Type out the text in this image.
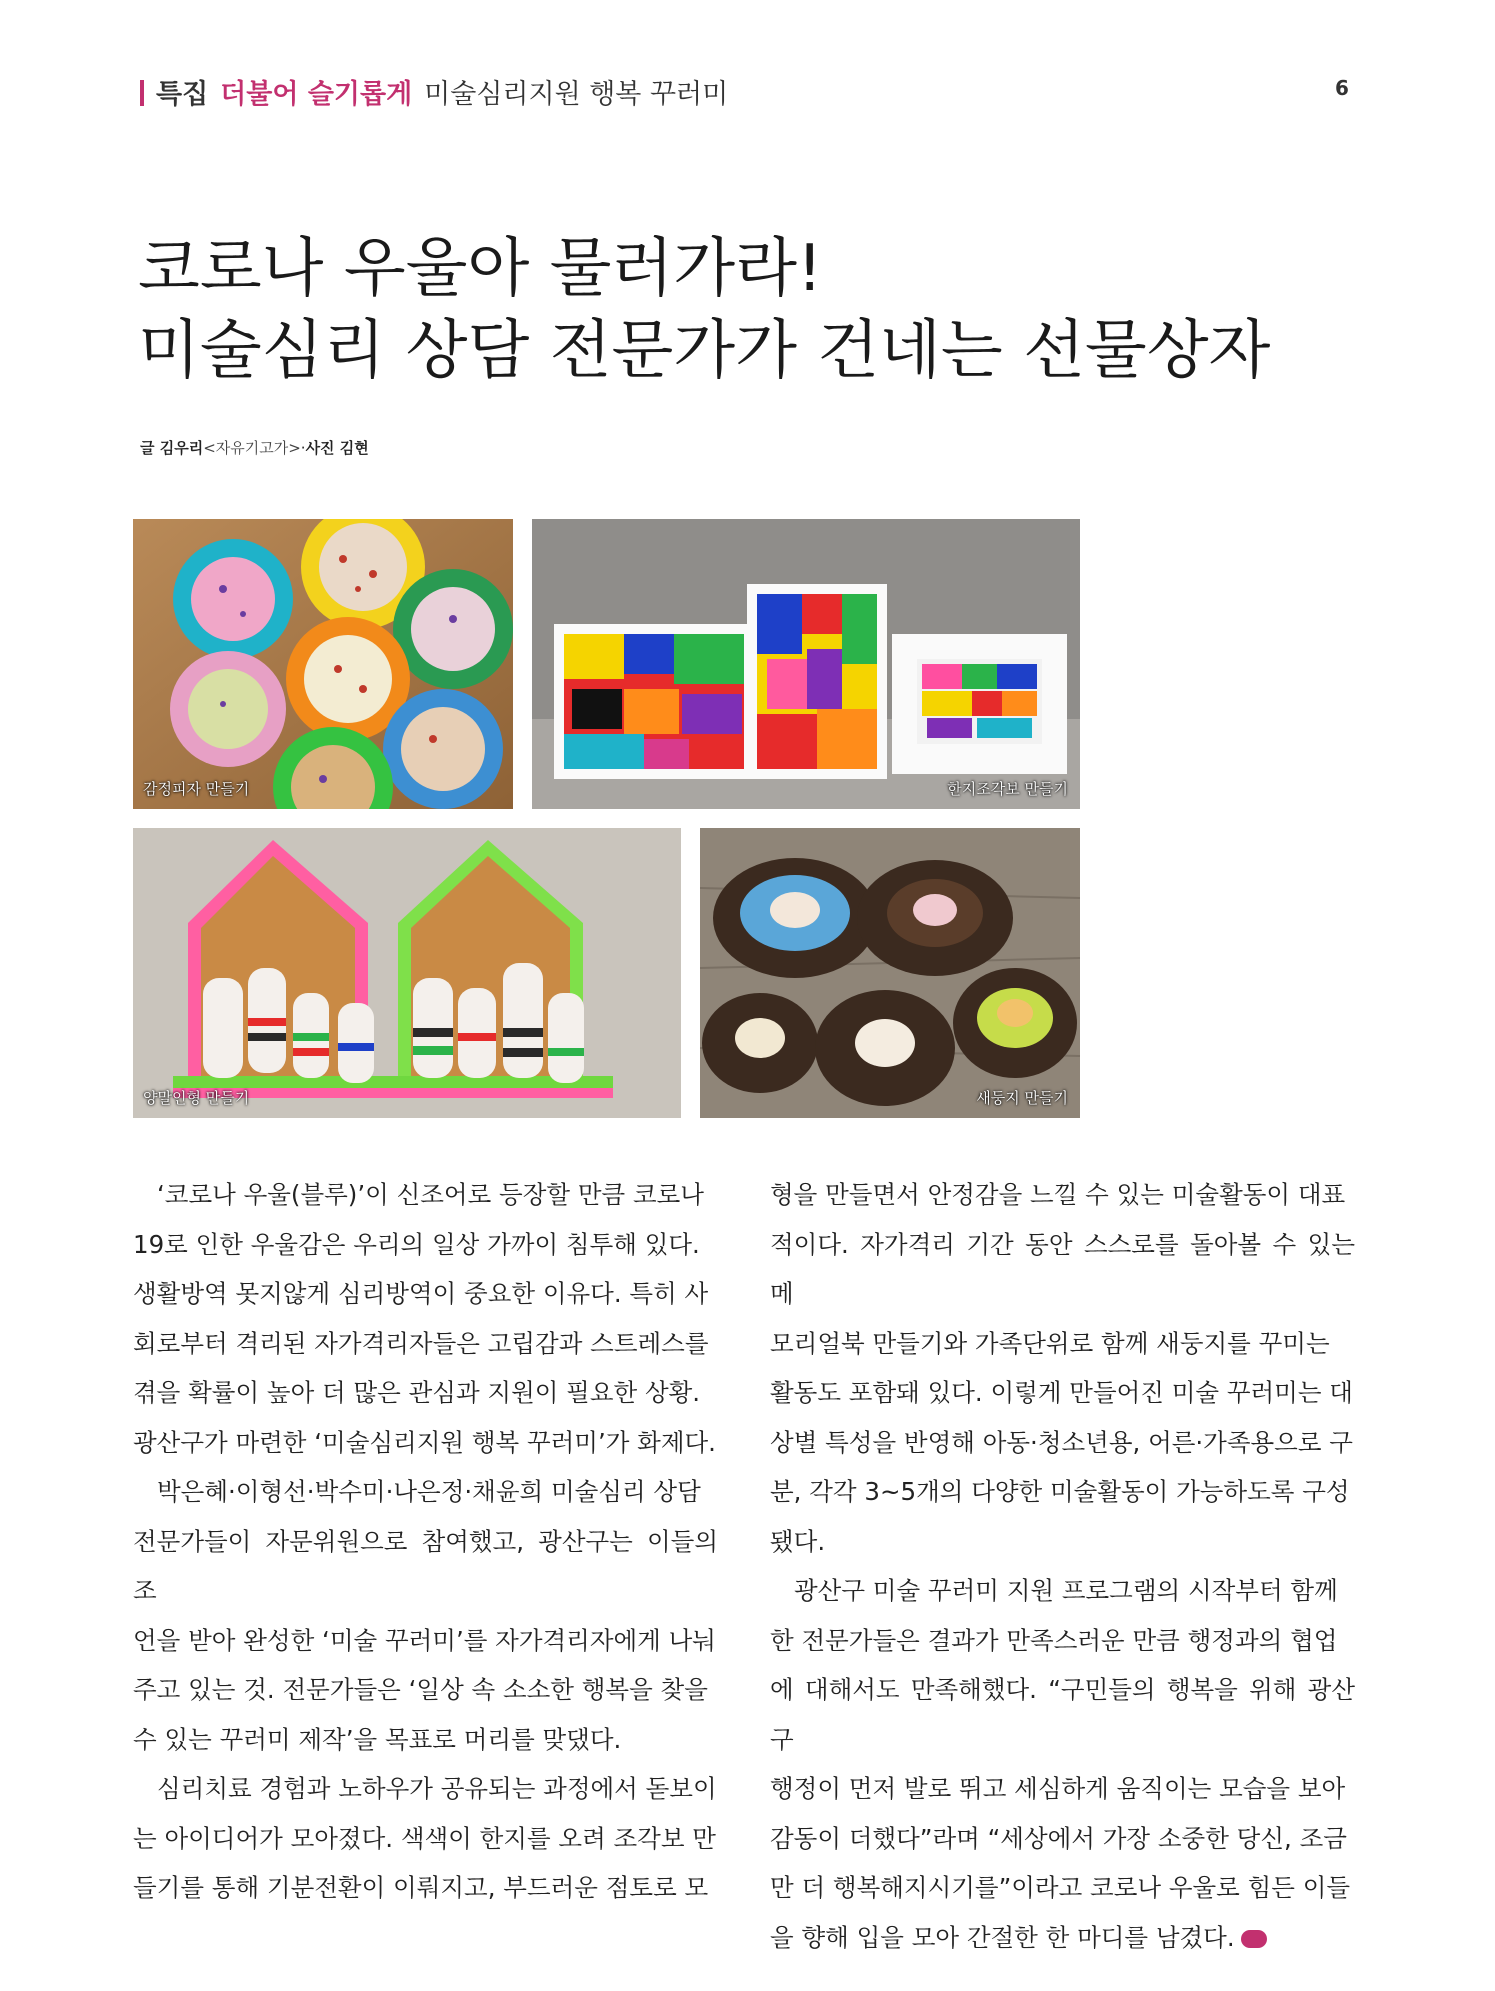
특집 더불어 슬기롭게 미술심리지원 행복 꾸러미	6
코로나 우울아 물러가라!
미술심리 상담 전문가가 건네는 선물상자
글 김우리<자유기고가>·사진 김현
감정피자 만들기	한지조각보 만들기
양말인형 만들기	새둥지 만들기

‘코로나 우울(블루)’이 신조어로 등장할 만큼 코로나

19로 인한 우울감은 우리의 일상 가까이 침투해 있다.

생활방역 못지않게 심리방역이 중요한 이유다. 특히 사

회로부터 격리된 자가격리자들은 고립감과 스트레스를

겪을 확률이 높아 더 많은 관심과 지원이 필요한 상황.

광산구가 마련한 ‘미술심리지원 행복 꾸러미’가 화제다.

박은혜·이형선·박수미·나은정·채윤희 미술심리 상담

전문가들이 자문위원으로 참여했고, 광산구는 이들의 조

언을 받아 완성한 ‘미술 꾸러미’를 자가격리자에게 나눠

주고 있는 것. 전문가들은 ‘일상 속 소소한 행복을 찾을

수 있는 꾸러미 제작’을 목표로 머리를 맞댔다.

심리치료 경험과 노하우가 공유되는 과정에서 돋보이

는 아이디어가 모아졌다. 색색이 한지를 오려 조각보 만

들기를 통해 기분전환이 이뤄지고, 부드러운 점토로 모

형을 만들면서 안정감을 느낄 수 있는 미술활동이 대표

적이다. 자가격리 기간 동안 스스로를 돌아볼 수 있는 메

모리얼북 만들기와 가족단위로 함께 새둥지를 꾸미는

활동도 포함돼 있다. 이렇게 만들어진 미술 꾸러미는 대

상별 특성을 반영해 아동·청소년용, 어른·가족용으로 구

분, 각각 3~5개의 다양한 미술활동이 가능하도록 구성

됐다.

광산구 미술 꾸러미 지원 프로그램의 시작부터 함께

한 전문가들은 결과가 만족스러운 만큼 행정과의 협업

에 대해서도 만족해했다. “구민들의 행복을 위해 광산구

행정이 먼저 발로 뛰고 세심하게 움직이는 모습을 보아

감동이 더했다”라며 “세상에서 가장 소중한 당신, 조금

만 더 행복해지시기를”이라고 코로나 우울로 힘든 이들

을 향해 입을 모아 간절한 한 마디를 남겼다.
